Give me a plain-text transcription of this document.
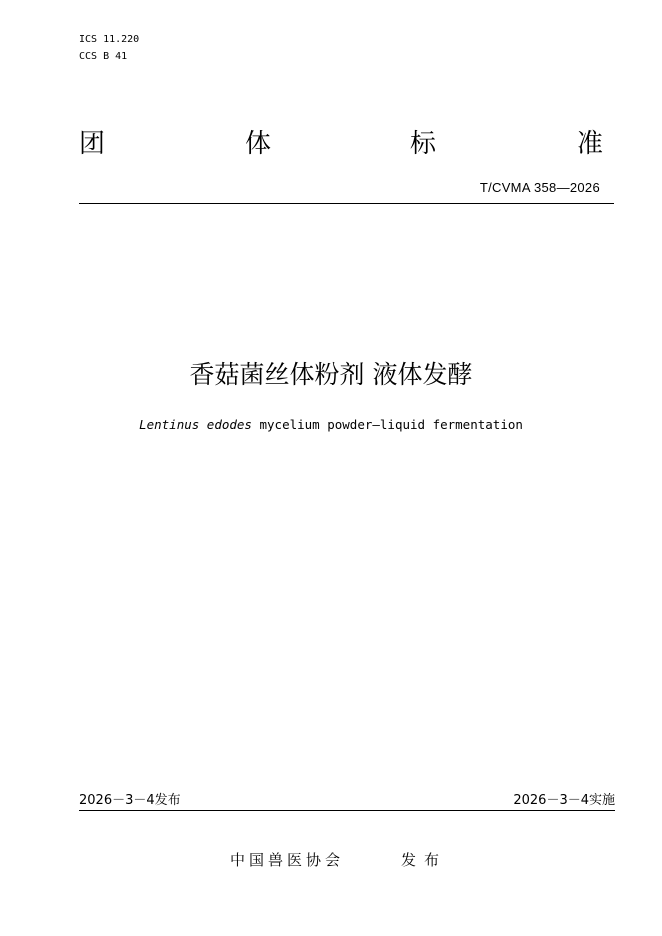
ICS 11.220
CCS B 41
团	体	标	准
T/CVMA 358—2026
香菇菌丝体粉剂 液体发酵
Lentinus edodes mycelium powder—liquid fermentation
2026－3－4发布	2026－3－4实施
中国兽医协会	发布
